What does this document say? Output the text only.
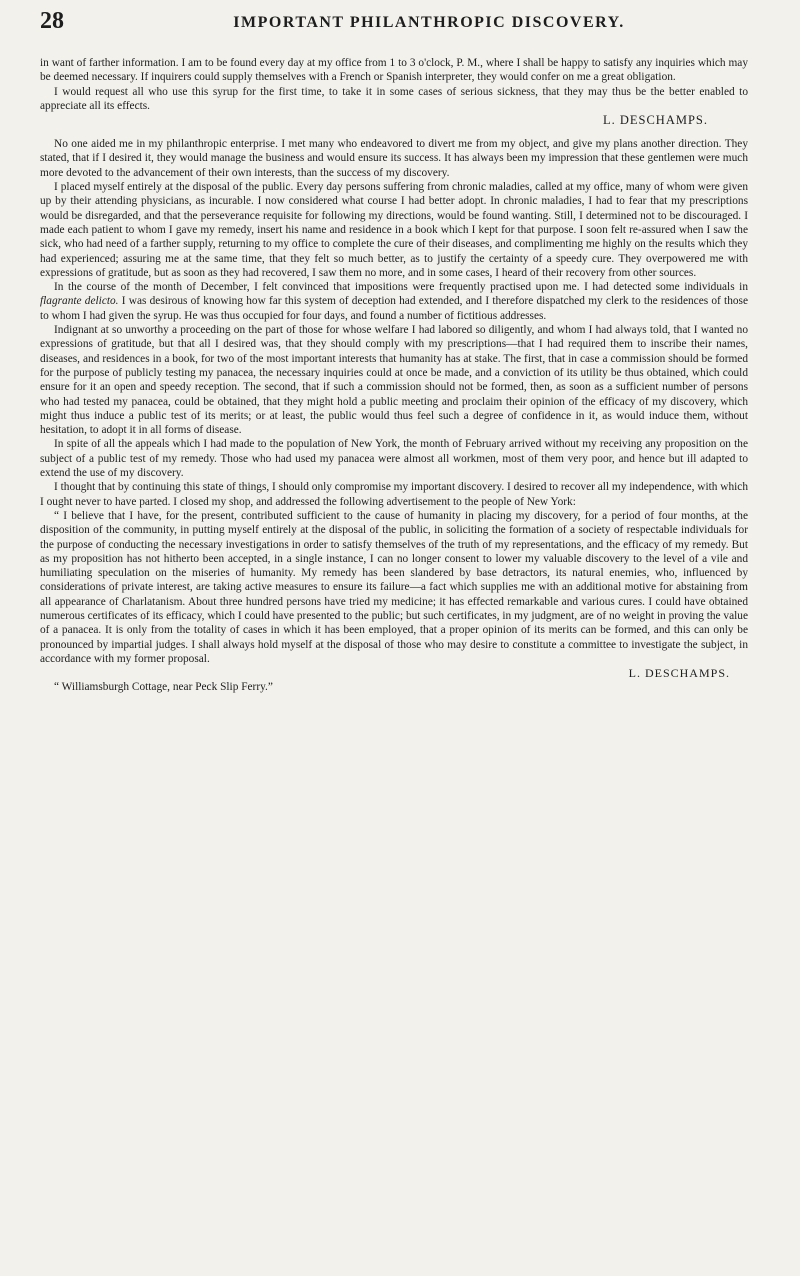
28	IMPORTANT PHILANTHROPIC DISCOVERY.

in want of farther information. I am to be found every day at my office from 1 to 3 o'clock, P. M., where I shall be happy to satisfy any inquiries which may be deemed necessary. If inquirers could supply themselves with a French or Spanish interpreter, they would confer on me a great obligation.

I would request all who use this syrup for the first time, to take it in some cases of serious sickness, that they may thus be the better enabled to appreciate all its effects.

L. DESCHAMPS.

No one aided me in my philanthropic enterprise. I met many who endeavored to divert me from my object, and give my plans another direction. They stated, that if I desired it, they would manage the business and would ensure its success. It has always been my impression that these gentlemen were much more devoted to the advancement of their own interests, than the success of my discovery.

I placed myself entirely at the disposal of the public. Every day persons suffering from chronic maladies, called at my office, many of whom were given up by their attending physicians, as incurable. I now considered what course I had better adopt. In chronic maladies, I had to fear that my prescriptions would be disregarded, and that the perseverance requisite for following my directions, would be found wanting. Still, I determined not to be discouraged. I made each patient to whom I gave my remedy, insert his name and residence in a book which I kept for that purpose. I soon felt re-assured when I saw the sick, who had need of a farther supply, returning to my office to complete the cure of their diseases, and complimenting me highly on the results which they had experienced; assuring me at the same time, that they felt so much better, as to justify the certainty of a speedy cure. They overpowered me with expressions of gratitude, but as soon as they had recovered, I saw them no more, and in some cases, I heard of their recovery from other sources.

In the course of the month of December, I felt convinced that impositions were frequently practised upon me. I had detected some individuals in flagrante delicto. I was desirous of knowing how far this system of deception had extended, and I therefore dispatched my clerk to the residences of those to whom I had given the syrup. He was thus occupied for four days, and found a number of fictitious addresses.

Indignant at so unworthy a proceeding on the part of those for whose welfare I had labored so diligently, and whom I had always told, that I wanted no expressions of gratitude, but that all I desired was, that they should comply with my prescriptions—that I had required them to inscribe their names, diseases, and residences in a book, for two of the most important interests that humanity has at stake. The first, that in case a commission should be formed for the purpose of publicly testing my panacea, the necessary inquiries could at once be made, and a conviction of its utility be thus obtained, which could ensure for it an open and speedy reception. The second, that if such a commission should not be formed, then, as soon as a sufficient number of persons who had tested my panacea, could be obtained, that they might hold a public meeting and proclaim their opinion of the efficacy of my discovery, which might thus induce a public test of its merits; or at least, the public would thus feel such a degree of confidence in it, as would induce them, without hesitation, to adopt it in all forms of disease.

In spite of all the appeals which I had made to the population of New York, the month of February arrived without my receiving any proposition on the subject of a public test of my remedy. Those who had used my panacea were almost all workmen, most of them very poor, and hence but ill adapted to extend the use of my discovery.

I thought that by continuing this state of things, I should only compromise my important discovery. I desired to recover all my independence, with which I ought never to have parted. I closed my shop, and addressed the following advertisement to the people of New York:

“ I believe that I have, for the present, contributed sufficient to the cause of humanity in placing my discovery, for a period of four months, at the disposition of the community, in putting myself entirely at the disposal of the public, in soliciting the formation of a society of respectable individuals for the purpose of conducting the necessary investigations in order to satisfy themselves of the truth of my representations, and the efficacy of my remedy. But as my proposition has not hitherto been accepted, in a single instance, I can no longer consent to lower my valuable discovery to the level of a vile and humiliating speculation on the miseries of humanity. My remedy has been slandered by base detractors, its natural enemies, who, influenced by considerations of private interest, are taking active measures to ensure its failure—a fact which supplies me with an additional motive for abstaining from all appearance of Charlatanism. About three hundred persons have tried my medicine; it has effected remarkable and various cures. I could have obtained numerous certificates of its efficacy, which I could have presented to the public; but such certificates, in my judgment, are of no weight in proving the value of a panacea. It is only from the totality of cases in which it has been employed, that a proper opinion of its merits can be formed, and this can only be pronounced by impartial judges. I shall always hold myself at the disposal of those who may desire to constitute a committee to investigate the subject, in accordance with my former proposal.

L. DESCHAMPS.

“ Williamsburgh Cottage, near Peck Slip Ferry.”
